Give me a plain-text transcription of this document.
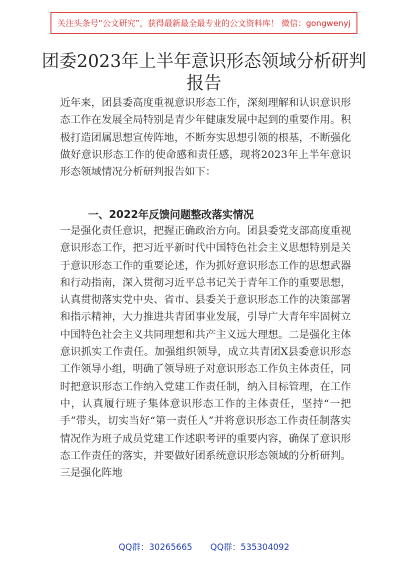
关注头条号“公文研究”，获得最新最全最专业的公文资料库！ 微信：gongwenyj
团委2023年上半年意识形态领域分析研判
报告

近年来，团县委高度重视意识形态工作，深刻理解和认识意识形态工作在发展全局特别是青少年健康发展中起到的重要作用。积极打造团属思想宣传阵地，不断夯实思想引领的根基，不断强化做好意识形态工作的使命感和责任感，现将2023年上半年意识形态领域情况分析研判报告如下：

一、2022年反馈问题整改落实情况

一是强化责任意识，把握正确政治方向。团县委党支部高度重视意识形态工作，把习近平新时代中国特色社会主义思想特别是关于意识形态工作的重要论述，作为抓好意识形态工作的思想武器和行动指南，深入贯彻习近平总书记关于青年工作的重要思想，认真贯彻落实党中央、省市、县委关于意识形态工作的决策部署和指示精神，大力推进共青团事业发展，引导广大青年牢固树立中国特色社会主义共同理想和共产主义远大理想。二是强化主体意识抓实工作责任。加强组织领导，成立共青团X县委意识形态工作领导小组，明确了领导班子对意识形态工作负主体责任，同时把意识形态工作纳入党建工作责任制，纳入目标管理，在工作中，认真履行班子集体意识形态工作的主体责任，坚持“一把手”带头，切实当好“第一责任人”并将意识形态工作责任制落实情况作为班子成员党建工作述职考评的重要内容，确保了意识形态工作责任的落实，并要做好团系统意识形态领域的分析研判。三是强化阵地

QQ群：30265665 QQ群：535304092
